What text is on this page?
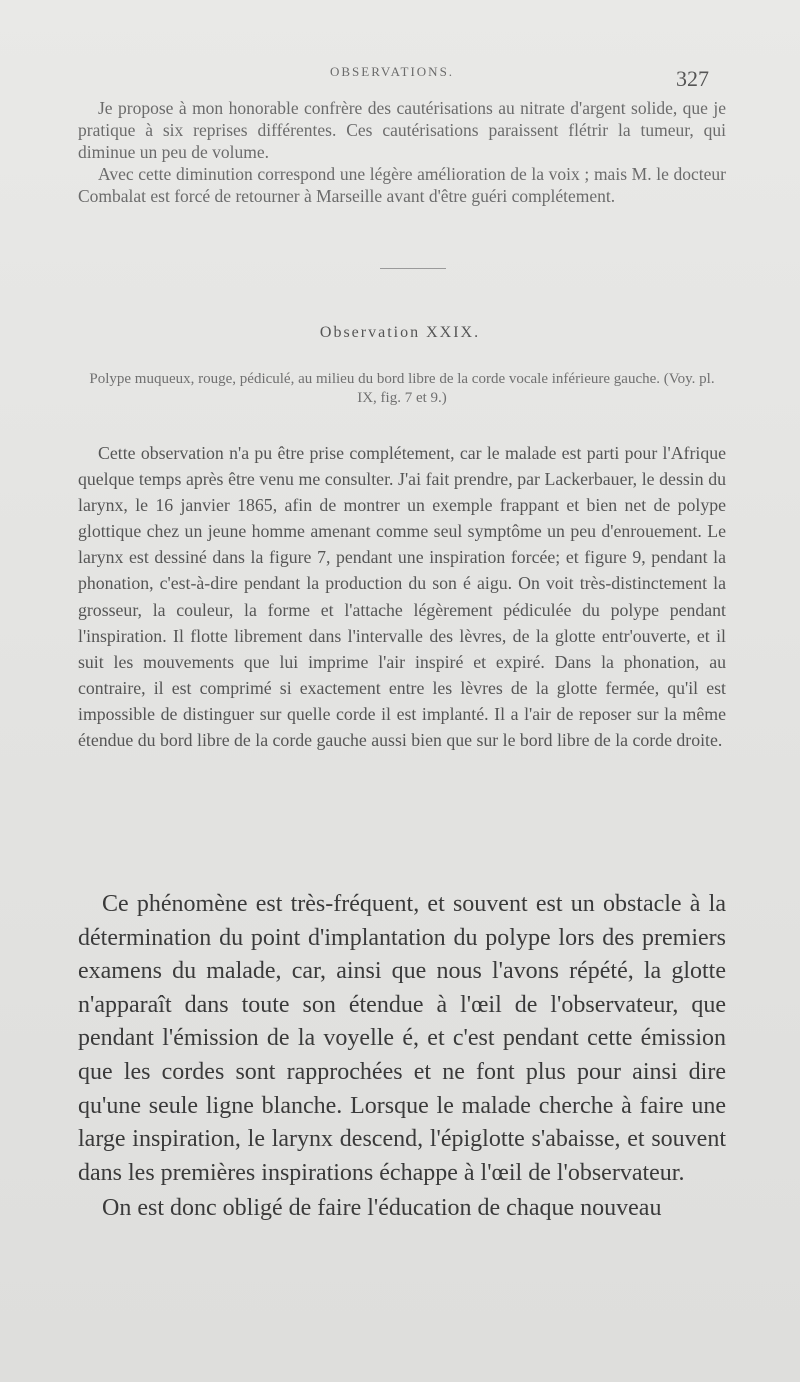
OBSERVATIONS.	327

Je propose à mon honorable confrère des cautérisations au nitrate d'argent solide, que je pratique à six reprises différentes. Ces cautérisations paraissent flétrir la tumeur, qui diminue un peu de volume.

Avec cette diminution correspond une légère amélioration de la voix ; mais M. le docteur Combalat est forcé de retourner à Marseille avant d'être guéri complétement.

Observation XXIX.
Polype muqueux, rouge, pédiculé, au milieu du bord libre de la corde vocale inférieure gauche. (Voy. pl. IX, fig. 7 et 9.)

Cette observation n'a pu être prise complétement, car le malade est parti pour l'Afrique quelque temps après être venu me consulter. J'ai fait prendre, par Lackerbauer, le dessin du larynx, le 16 janvier 1865, afin de montrer un exemple frappant et bien net de polype glottique chez un jeune homme amenant comme seul symptôme un peu d'enrouement. Le larynx est dessiné dans la figure 7, pendant une inspiration forcée; et figure 9, pendant la phonation, c'est-à-dire pendant la production du son é aigu. On voit très-distinctement la grosseur, la couleur, la forme et l'attache légèrement pédiculée du polype pendant l'inspiration. Il flotte librement dans l'intervalle des lèvres, de la glotte entr'ouverte, et il suit les mouvements que lui imprime l'air inspiré et expiré. Dans la phonation, au contraire, il est comprimé si exactement entre les lèvres de la glotte fermée, qu'il est impossible de distinguer sur quelle corde il est implanté. Il a l'air de reposer sur la même étendue du bord libre de la corde gauche aussi bien que sur le bord libre de la corde droite.

Ce phénomène est très-fréquent, et souvent est un obstacle à la détermination du point d'implantation du polype lors des premiers examens du malade, car, ainsi que nous l'avons répété, la glotte n'apparaît dans toute son étendue à l'œil de l'observateur, que pendant l'émission de la voyelle é, et c'est pendant cette émission que les cordes sont rapprochées et ne font plus pour ainsi dire qu'une seule ligne blanche. Lorsque le malade cherche à faire une large inspiration, le larynx descend, l'épiglotte s'abaisse, et souvent dans les premières inspirations échappe à l'œil de l'observateur.

On est donc obligé de faire l'éducation de chaque nouveau
